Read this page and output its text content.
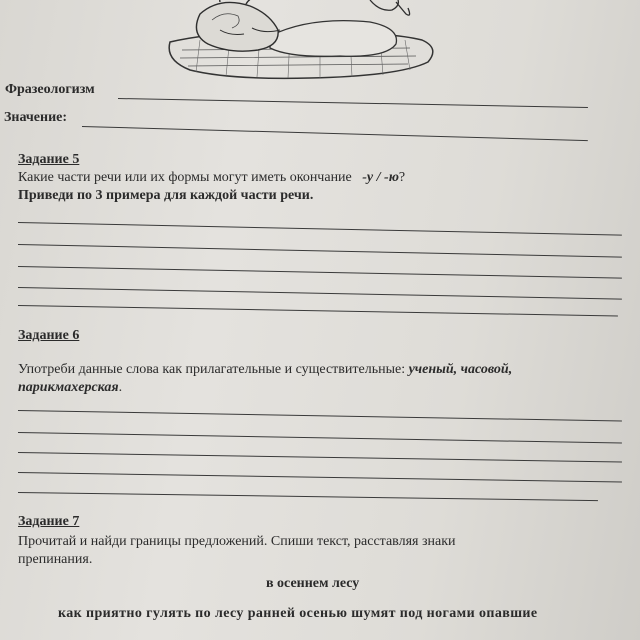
Фразеологизм
Значение:
Задание 5
Какие части речи или их формы могут иметь окончание -у / -ю?
Приведи по 3 примера для каждой части речи.
Задание 6
Употреби данные слова как прилагательные и существительные: ученый, часовой,
парикмахерская.
Задание 7
Прочитай и найди границы предложений. Спиши текст, расставляя знаки
препинания.
в осеннем лесу
как приятно гулять по лесу ранней осенью шумят под ногами опавшие
